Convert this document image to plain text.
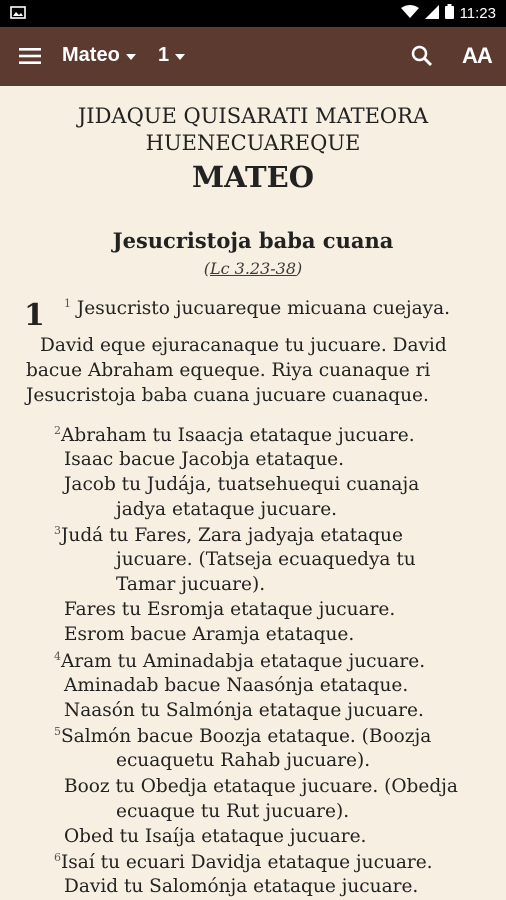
11:23
Mateo 1	AA
JIDAQUE QUISARATI MATEORA
HUENECUAREQUE
MATEO
Jesucristoja baba cuana
(Lc 3.23-38)
1 $^1$ Jesucristo jucuareque micuana cuejaya.
David eque ejuracanaque tu jucuare. David
bacue Abraham equeque. Riya cuanaque ri
Jesucristoja baba cuana jucuare cuanaque.
$^2$Abraham tu Isaacja etataque jucuare.
Isaac bacue Jacobja etataque.
Jacob tu Judája, tuatsehuequi cuanaja
jadya etataque jucuare.
$^3$Judá tu Fares, Zara jadyaja etataque
jucuare. (Tatseja ecuaquedya tu
Tamar jucuare).
Fares tu Esromja etataque jucuare.
Esrom bacue Aramja etataque.
$^4$Aram tu Aminadabja etataque jucuare.
Aminadab bacue Naasónja etataque.
Naasón tu Salmónja etataque jucuare.
$^5$Salmón bacue Boozja etataque. (Boozja
ecuaquetu Rahab jucuare).
Booz tu Obedja etataque jucuare. (Obedja
ecuaque tu Rut jucuare).
Obed tu Isaíja etataque jucuare.
$^6$Isaí tu ecuari Davidja etataque jucuare.
David tu Salomónja etataque jucuare.
